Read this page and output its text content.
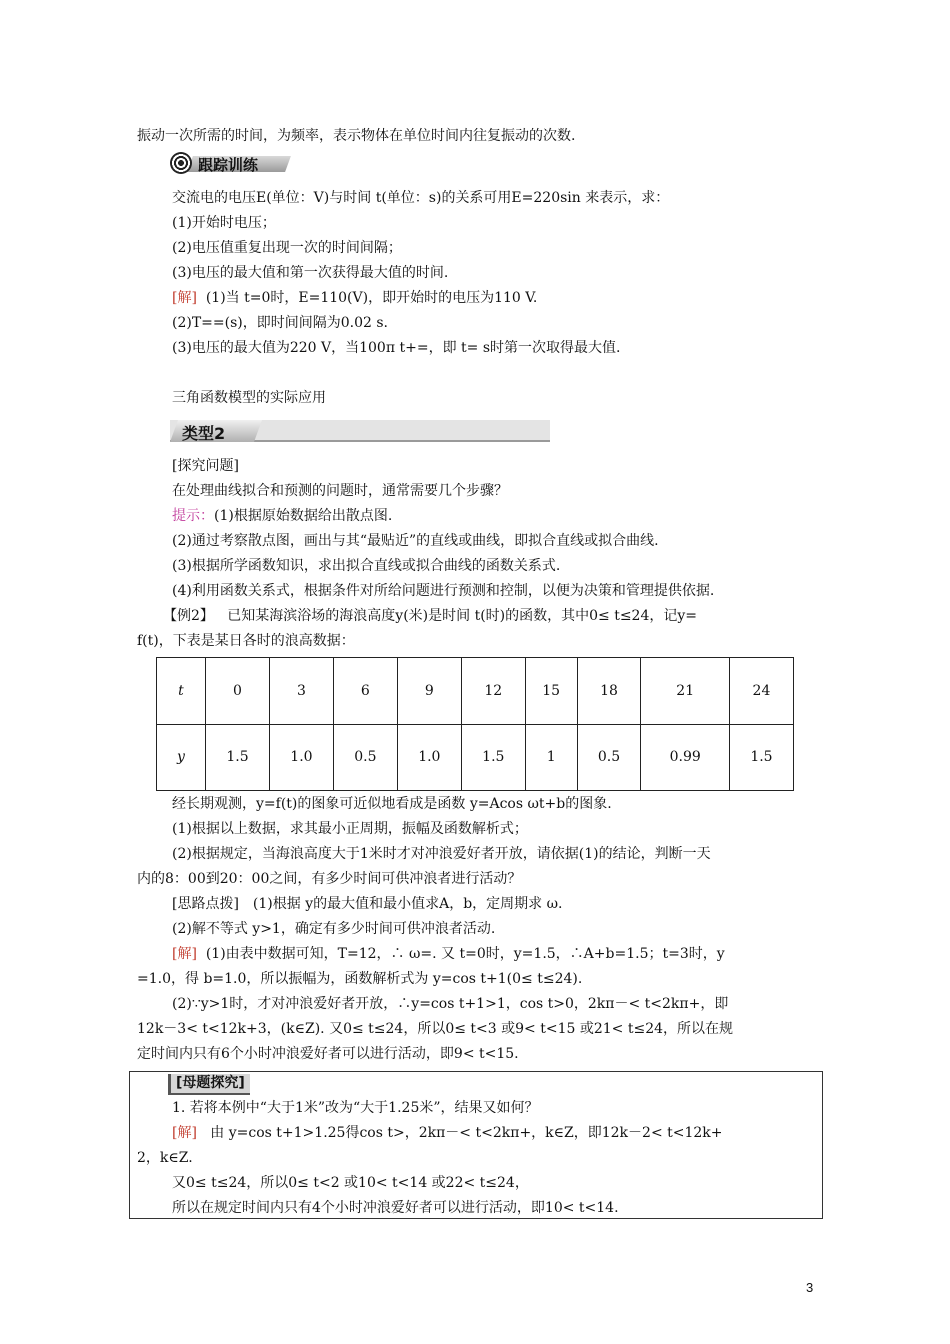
振动一次所需的时间，为频率，表示物体在单位时间内往复振动的次数.
跟踪训练
交流电的电压E(单位：V)与时间 t(单位：s)的关系可用E=220sin 来表示，求：
(1)开始时电压；
(2)电压值重复出现一次的时间间隔；
(3)电压的最大值和第一次获得最大值的时间.
[解] (1)当 t=0时，E=110(V)，即开始时的电压为110 V.
(2)T==(s)，即时间间隔为0.02 s.
(3)电压的最大值为220 V，当100π t+=，即 t= s时第一次取得最大值.
三角函数模型的实际应用
类型2
[探究问题]
在处理曲线拟合和预测的问题时，通常需要几个步骤？
提示：(1)根据原始数据给出散点图.
(2)通过考察散点图，画出与其“最贴近”的直线或曲线，即拟合直线或拟合曲线.
(3)根据所学函数知识，求出拟合直线或拟合曲线的函数关系式.
(4)利用函数关系式，根据条件对所给问题进行预测和控制，以便为决策和管理提供依据.
【例2】 已知某海滨浴场的海浪高度y(米)是时间 t(时)的函数，其中0≤ t≤24，记y=
f(t)，下表是某日各时的浪高数据：
t	0	3	6	9	12	15	18	21	24
y	1.5	1.0	0.5	1.0	1.5	1	0.5	0.99	1.5
经长期观测，y=f(t)的图象可近似地看成是函数 y=Acos ωt+b的图象.
(1)根据以上数据，求其最小正周期，振幅及函数解析式；
(2)根据规定，当海浪高度大于1米时才对冲浪爱好者开放，请依据(1)的结论，判断一天
内的8：00到20：00之间，有多少时间可供冲浪者进行活动？
[思路点拨]　(1)根据 y的最大值和最小值求A，b，定周期求 ω.
(2)解不等式 y>1，确定有多少时间可供冲浪者活动.
[解] (1)由表中数据可知，T=12，∴ ω=. 又 t=0时，y=1.5，∴A+b=1.5；t=3时，y
=1.0，得 b=1.0，所以振幅为，函数解析式为 y=cos t+1(0≤ t≤24).
(2)∵y>1时，才对冲浪爱好者开放，∴y=cos t+1>1，cos t>0，2kπ－< t<2kπ+，即
12k－3< t<12k+3，(k∈Z). 又0≤ t≤24，所以0≤ t<3 或9< t<15 或21< t≤24，所以在规
定时间内只有6个小时冲浪爱好者可以进行活动，即9< t<15.
[母题探究]
1. 若将本例中“大于1米”改为“大于1.25米”，结果又如何？
[解] 由 y=cos t+1>1.25得cos t>，2kπ－< t<2kπ+，k∈Z，即12k－2< t<12k+
2，k∈Z.
又0≤ t≤24，所以0≤ t<2 或10< t<14 或22< t≤24，
所以在规定时间内只有4个小时冲浪爱好者可以进行活动，即10< t<14.
3
